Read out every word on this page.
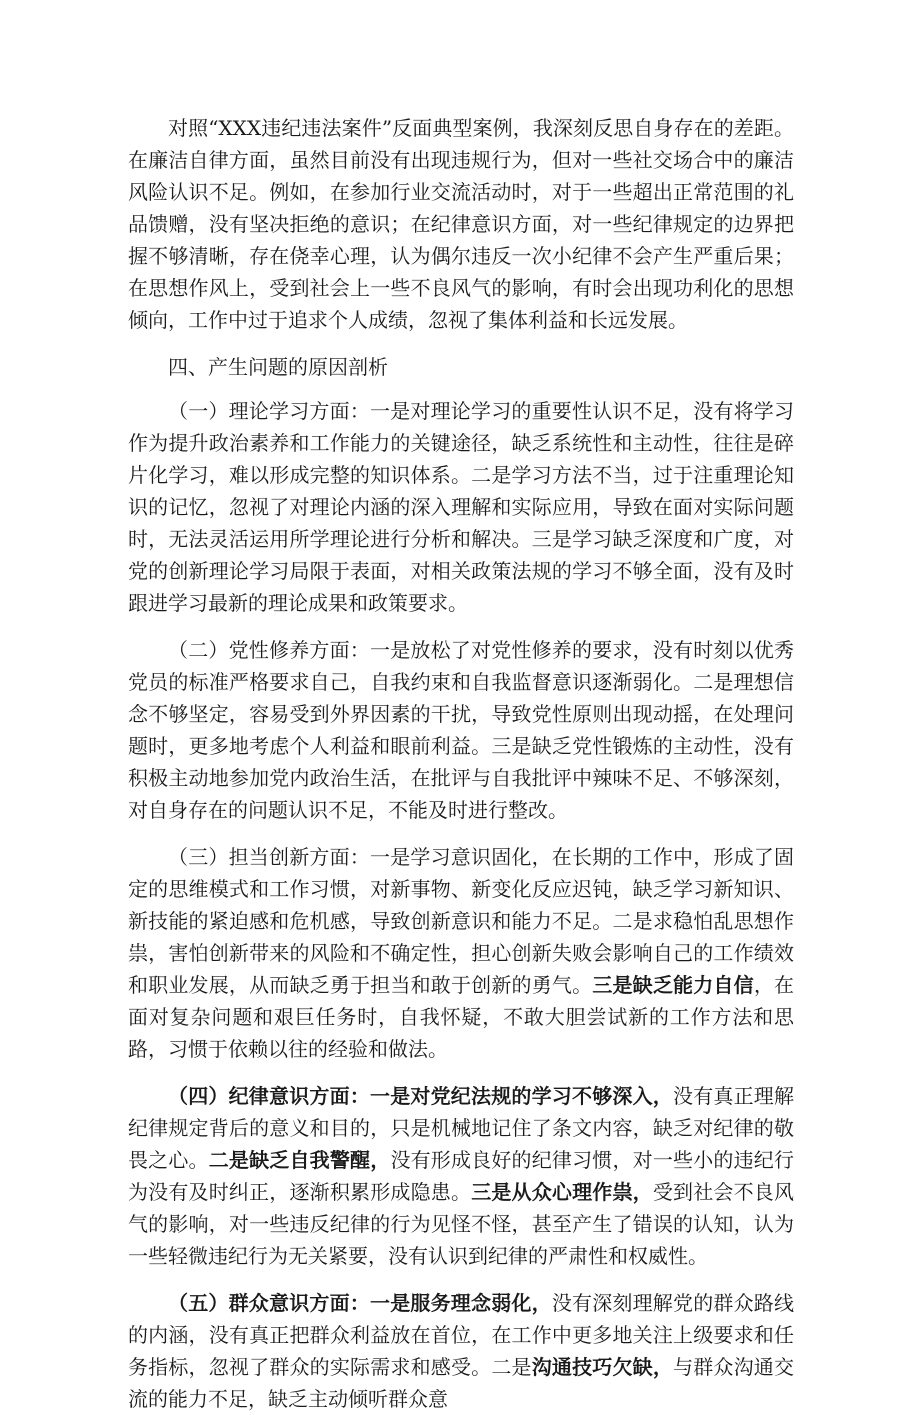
对照“XXX违纪违法案件”反面典型案例，我深刻反思自身存在的差距。在廉洁自律方面，虽然目前没有出现违规行为，但对一些社交场合中的廉洁风险认识不足。例如，在参加行业交流活动时，对于一些超出正常范围的礼品馈赠，没有坚决拒绝的意识；在纪律意识方面，对一些纪律规定的边界把握不够清晰，存在侥幸心理，认为偶尔违反一次小纪律不会产生严重后果；在思想作风上，受到社会上一些不良风气的影响，有时会出现功利化的思想倾向，工作中过于追求个人成绩，忽视了集体利益和长远发展。

四、产生问题的原因剖析

（一）理论学习方面：一是对理论学习的重要性认识不足，没有将学习作为提升政治素养和工作能力的关键途径，缺乏系统性和主动性，往往是碎片化学习，难以形成完整的知识体系。二是学习方法不当，过于注重理论知识的记忆，忽视了对理论内涵的深入理解和实际应用，导致在面对实际问题时，无法灵活运用所学理论进行分析和解决。三是学习缺乏深度和广度，对党的创新理论学习局限于表面，对相关政策法规的学习不够全面，没有及时跟进学习最新的理论成果和政策要求。

（二）党性修养方面：一是放松了对党性修养的要求，没有时刻以优秀党员的标准严格要求自己，自我约束和自我监督意识逐渐弱化。二是理想信念不够坚定，容易受到外界因素的干扰，导致党性原则出现动摇，在处理问题时，更多地考虑个人利益和眼前利益。三是缺乏党性锻炼的主动性，没有积极主动地参加党内政治生活，在批评与自我批评中辣味不足、不够深刻，对自身存在的问题认识不足，不能及时进行整改。

（三）担当创新方面：一是学习意识固化，在长期的工作中，形成了固定的思维模式和工作习惯，对新事物、新变化反应迟钝，缺乏学习新知识、新技能的紧迫感和危机感，导致创新意识和能力不足。二是求稳怕乱思想作祟，害怕创新带来的风险和不确定性，担心创新失败会影响自己的工作绩效和职业发展，从而缺乏勇于担当和敢于创新的勇气。三是缺乏能力自信，在面对复杂问题和艰巨任务时，自我怀疑，不敢大胆尝试新的工作方法和思路，习惯于依赖以往的经验和做法。

（四）纪律意识方面：一是对党纪法规的学习不够深入，没有真正理解纪律规定背后的意义和目的，只是机械地记住了条文内容，缺乏对纪律的敬畏之心。二是缺乏自我警醒，没有形成良好的纪律习惯，对一些小的违纪行为没有及时纠正，逐渐积累形成隐患。三是从众心理作祟，受到社会不良风气的影响，对一些违反纪律的行为见怪不怪，甚至产生了错误的认知，认为一些轻微违纪行为无关紧要，没有认识到纪律的严肃性和权威性。

（五）群众意识方面：一是服务理念弱化，没有深刻理解党的群众路线的内涵，没有真正把群众利益放在首位，在工作中更多地关注上级要求和任务指标，忽视了群众的实际需求和感受。二是沟通技巧欠缺，与群众沟通交流的能力不足，缺乏主动倾听群众意
